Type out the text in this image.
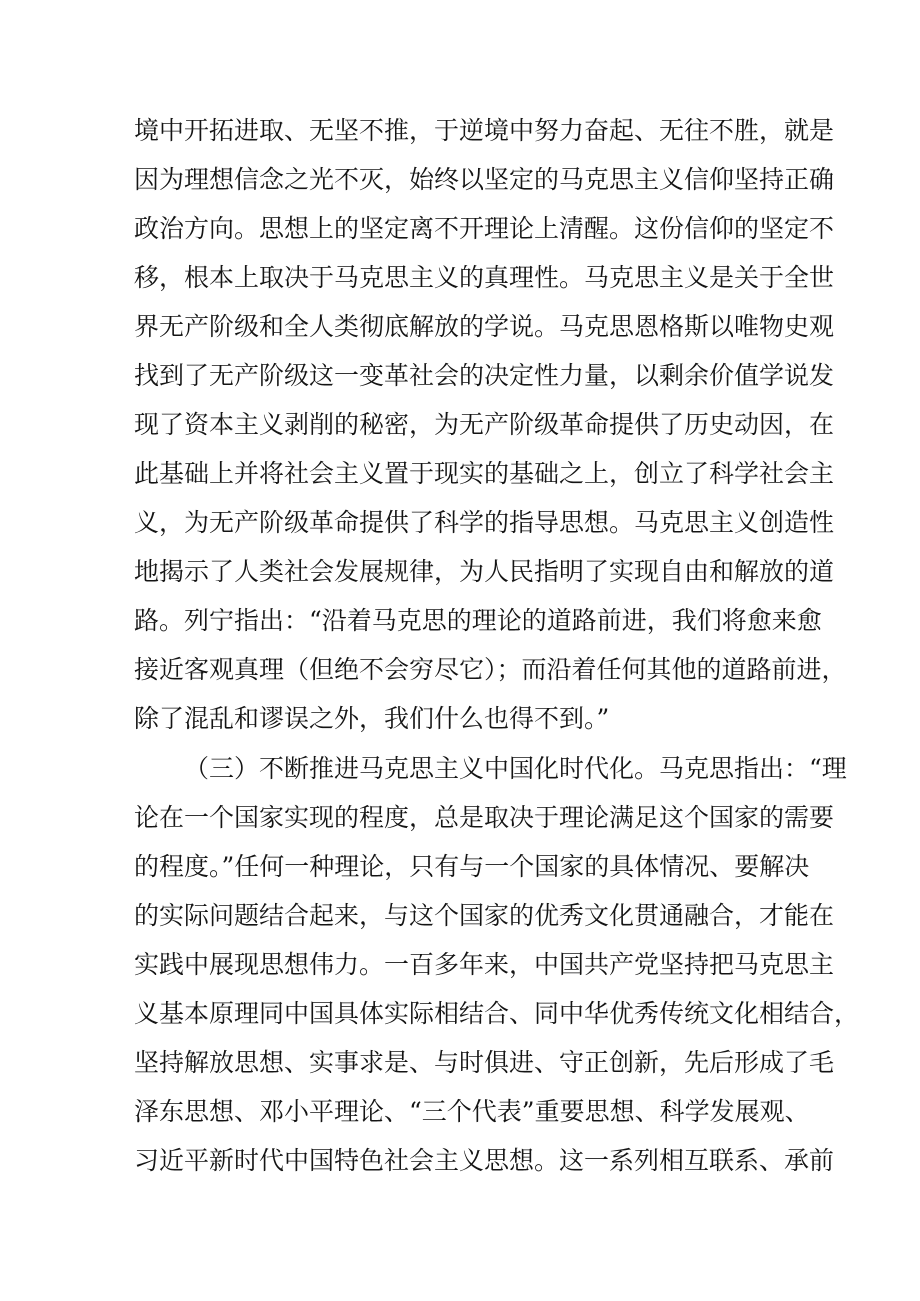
境中开拓进取、无坚不推，于逆境中努力奋起、无往不胜，就是
因为理想信念之光不灭，始终以坚定的马克思主义信仰坚持正确
政治方向。思想上的坚定离不开理论上清醒。这份信仰的坚定不
移，根本上取决于马克思主义的真理性。马克思主义是关于全世
界无产阶级和全人类彻底解放的学说。马克思恩格斯以唯物史观
找到了无产阶级这一变革社会的决定性力量，以剩余价值学说发
现了资本主义剥削的秘密，为无产阶级革命提供了历史动因，在
此基础上并将社会主义置于现实的基础之上，创立了科学社会主
义，为无产阶级革命提供了科学的指导思想。马克思主义创造性
地揭示了人类社会发展规律，为人民指明了实现自由和解放的道
路。列宁指出：“沿着马克思的理论的道路前进，我们将愈来愈
接近客观真理（但绝不会穷尽它）；而沿着任何其他的道路前进，
除了混乱和谬误之外，我们什么也得不到。”
（三）不断推进马克思主义中国化时代化。马克思指出：“理
论在一个国家实现的程度，总是取决于理论满足这个国家的需要
的程度。”任何一种理论，只有与一个国家的具体情况、要解决
的实际问题结合起来，与这个国家的优秀文化贯通融合，才能在
实践中展现思想伟力。一百多年来，中国共产党坚持把马克思主
义基本原理同中国具体实际相结合、同中华优秀传统文化相结合，
坚持解放思想、实事求是、与时俱进、守正创新，先后形成了毛
泽东思想、邓小平理论、“三个代表”重要思想、科学发展观、
习近平新时代中国特色社会主义思想。这一系列相互联系、承前
